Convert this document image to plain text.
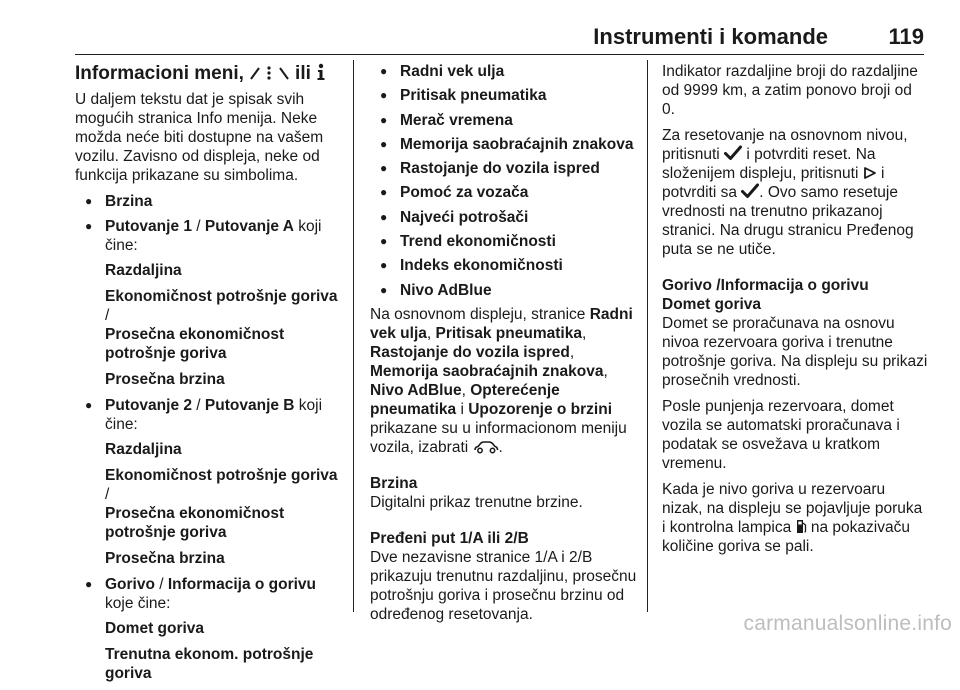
Instrumenti i komande	119
Informacioni meni,    ili

U daljem tekstu dat je spisak svih mogućih stranica Info menija. Neke možda neće biti dostupne na vašem vozilu. Zavisno od displeja, neke od funkcija prikazane su simbolima.

● Brzina
● Putovanje 1 / Putovanje A koji čine:

Razdaljina

Ekonomičnost potrošnje goriva /
Prosečna ekonomičnost potrošnje goriva

Prosečna brzina

● Putovanje 2 / Putovanje B koji čine:

Razdaljina

Ekonomičnost potrošnje goriva /
Prosečna ekonomičnost potrošnje goriva

Prosečna brzina

● Gorivo / Informacija o gorivu koje čine:

Domet goriva

Trenutna ekonom. potrošnje goriva

● Radni vek ulja
● Pritisak pneumatika
● Merač vremena
● Memorija saobraćajnih znakova
● Rastojanje do vozila ispred
● Pomoć za vozača
● Najveći potrošači
● Trend ekonomičnosti
● Indeks ekonomičnosti
● Nivo AdBlue

Na osnovnom displeju, stranice Radni vek ulja, Pritisak pneumatika, Rastojanje do vozila ispred, Memorija saobraćajnih znakova, Nivo AdBlue, Opterećenje pneumatika i Upozorenje o brzini prikazane su u informacionom meniju vozila, izabrati .

Brzina

Digitalni prikaz trenutne brzine.

Pređeni put 1/A ili 2/B

Dve nezavisne stranice 1/A i 2/B prikazuju trenutnu razdaljinu, prosečnu potrošnju goriva i prosečnu brzinu od određenog resetovanja.

Indikator razdaljine broji do razdaljine od 9999 km, a zatim ponovo broji od 0.

Za resetovanje na osnovnom nivou, pritisnuti  i potvrditi reset. Na složenijem displeju, pritisnuti  i potvrditi sa . Ovo samo resetuje vrednosti na trenutno prikazanoj stranici. Na drugu stranicu Pređenog puta se ne utiče.

Gorivo /Informacija o gorivu

Domet goriva

Domet se proračunava na osnovu nivoa rezervoara goriva i trenutne potrošnje goriva. Na displeju su prikazi prosečnih vrednosti.

Posle punjenja rezervoara, domet vozila se automatski proračunava i podatak se osvežava u kratkom vremenu.

Kada je nivo goriva u rezervoaru nizak, na displeju se pojavljuje poruka i kontrolna lampica  na pokazivaču količine goriva se pali.

carmanualsonline.info
